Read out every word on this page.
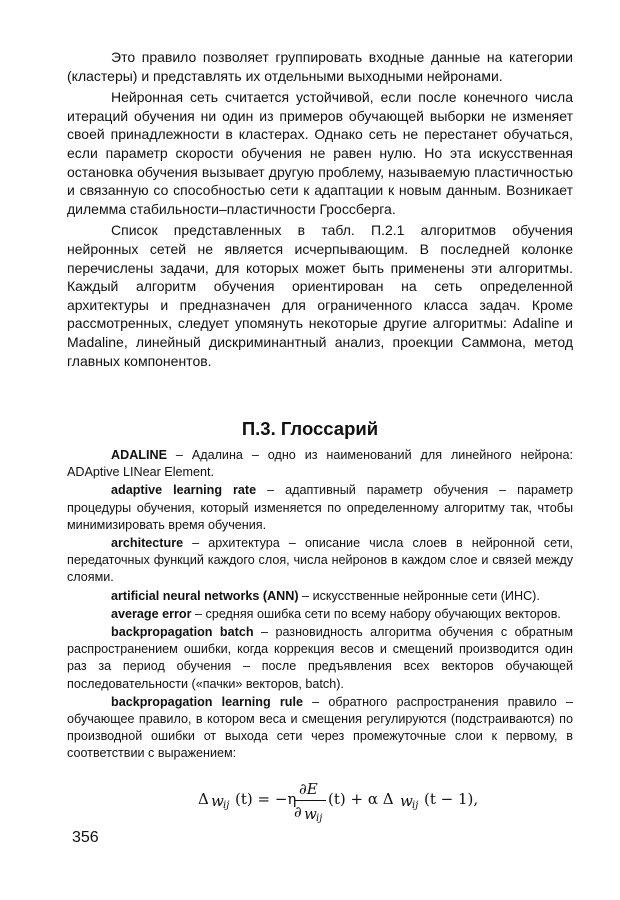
Это правило позволяет группировать входные данные на категории (кластеры) и представлять их отдельными выходными нейронами.

Нейронная сеть считается устойчивой, если после конечного числа итераций обучения ни один из примеров обучающей выборки не изменяет своей принадлежности в кластерах. Однако сеть не перестанет обучаться, если параметр скорости обучения не равен нулю. Но эта искусственная остановка обучения вызывает другую проблему, называемую пластичностью и связанную со способностью сети к адаптации к новым данным. Возникает дилемма стабильности–пластичности Гроссберга.

Список представленных в табл. П.2.1 алгоритмов обучения нейронных сетей не является исчерпывающим. В последней колонке перечислены задачи, для которых может быть применены эти алгоритмы. Каждый алгоритм обучения ориентирован на сеть определенной архитектуры и предназначен для ограниченного класса задач. Кроме рассмотренных, следует упомянуть некоторые другие алгоритмы: Adaline и Madaline, линейный дискриминантный анализ, проекции Саммона, метод главных компонентов.

П.3. Глоссарий

ADALINE – Адалина – одно из наименований для линейного нейрона: ADAptive LINear Element.

adaptive learning rate – адаптивный параметр обучения – параметр процедуры обучения, который изменяется по определенному алгоритму так, чтобы минимизировать время обучения.

architecture – архитектура – описание числа слоев в нейронной сети, передаточных функций каждого слоя, числа нейронов в каждом слое и связей между слоями.

artificial neural networks (ANN) – искусственные нейронные сети (ИНС).

average error – средняя ошибка сети по всему набору обучающих векторов.

backpropagation batch – разновидность алгоритма обучения с обратным распространением ошибки, когда коррекция весов и смещений производится один раз за период обучения – после предъявления всех векторов обучающей последовательности («пачки» векторов, batch).

backpropagation learning rule – обратного распространения правило – обучающее правило, в котором веса и смещения регулируются (подстраиваются) по производной ошибки от выхода сети через промежуточные слои к первому, в соответствии с выражением:

Δ w ij (t) = −η
∂E
∂ w ij
(t) + α Δ w ij (t − 1),
356
